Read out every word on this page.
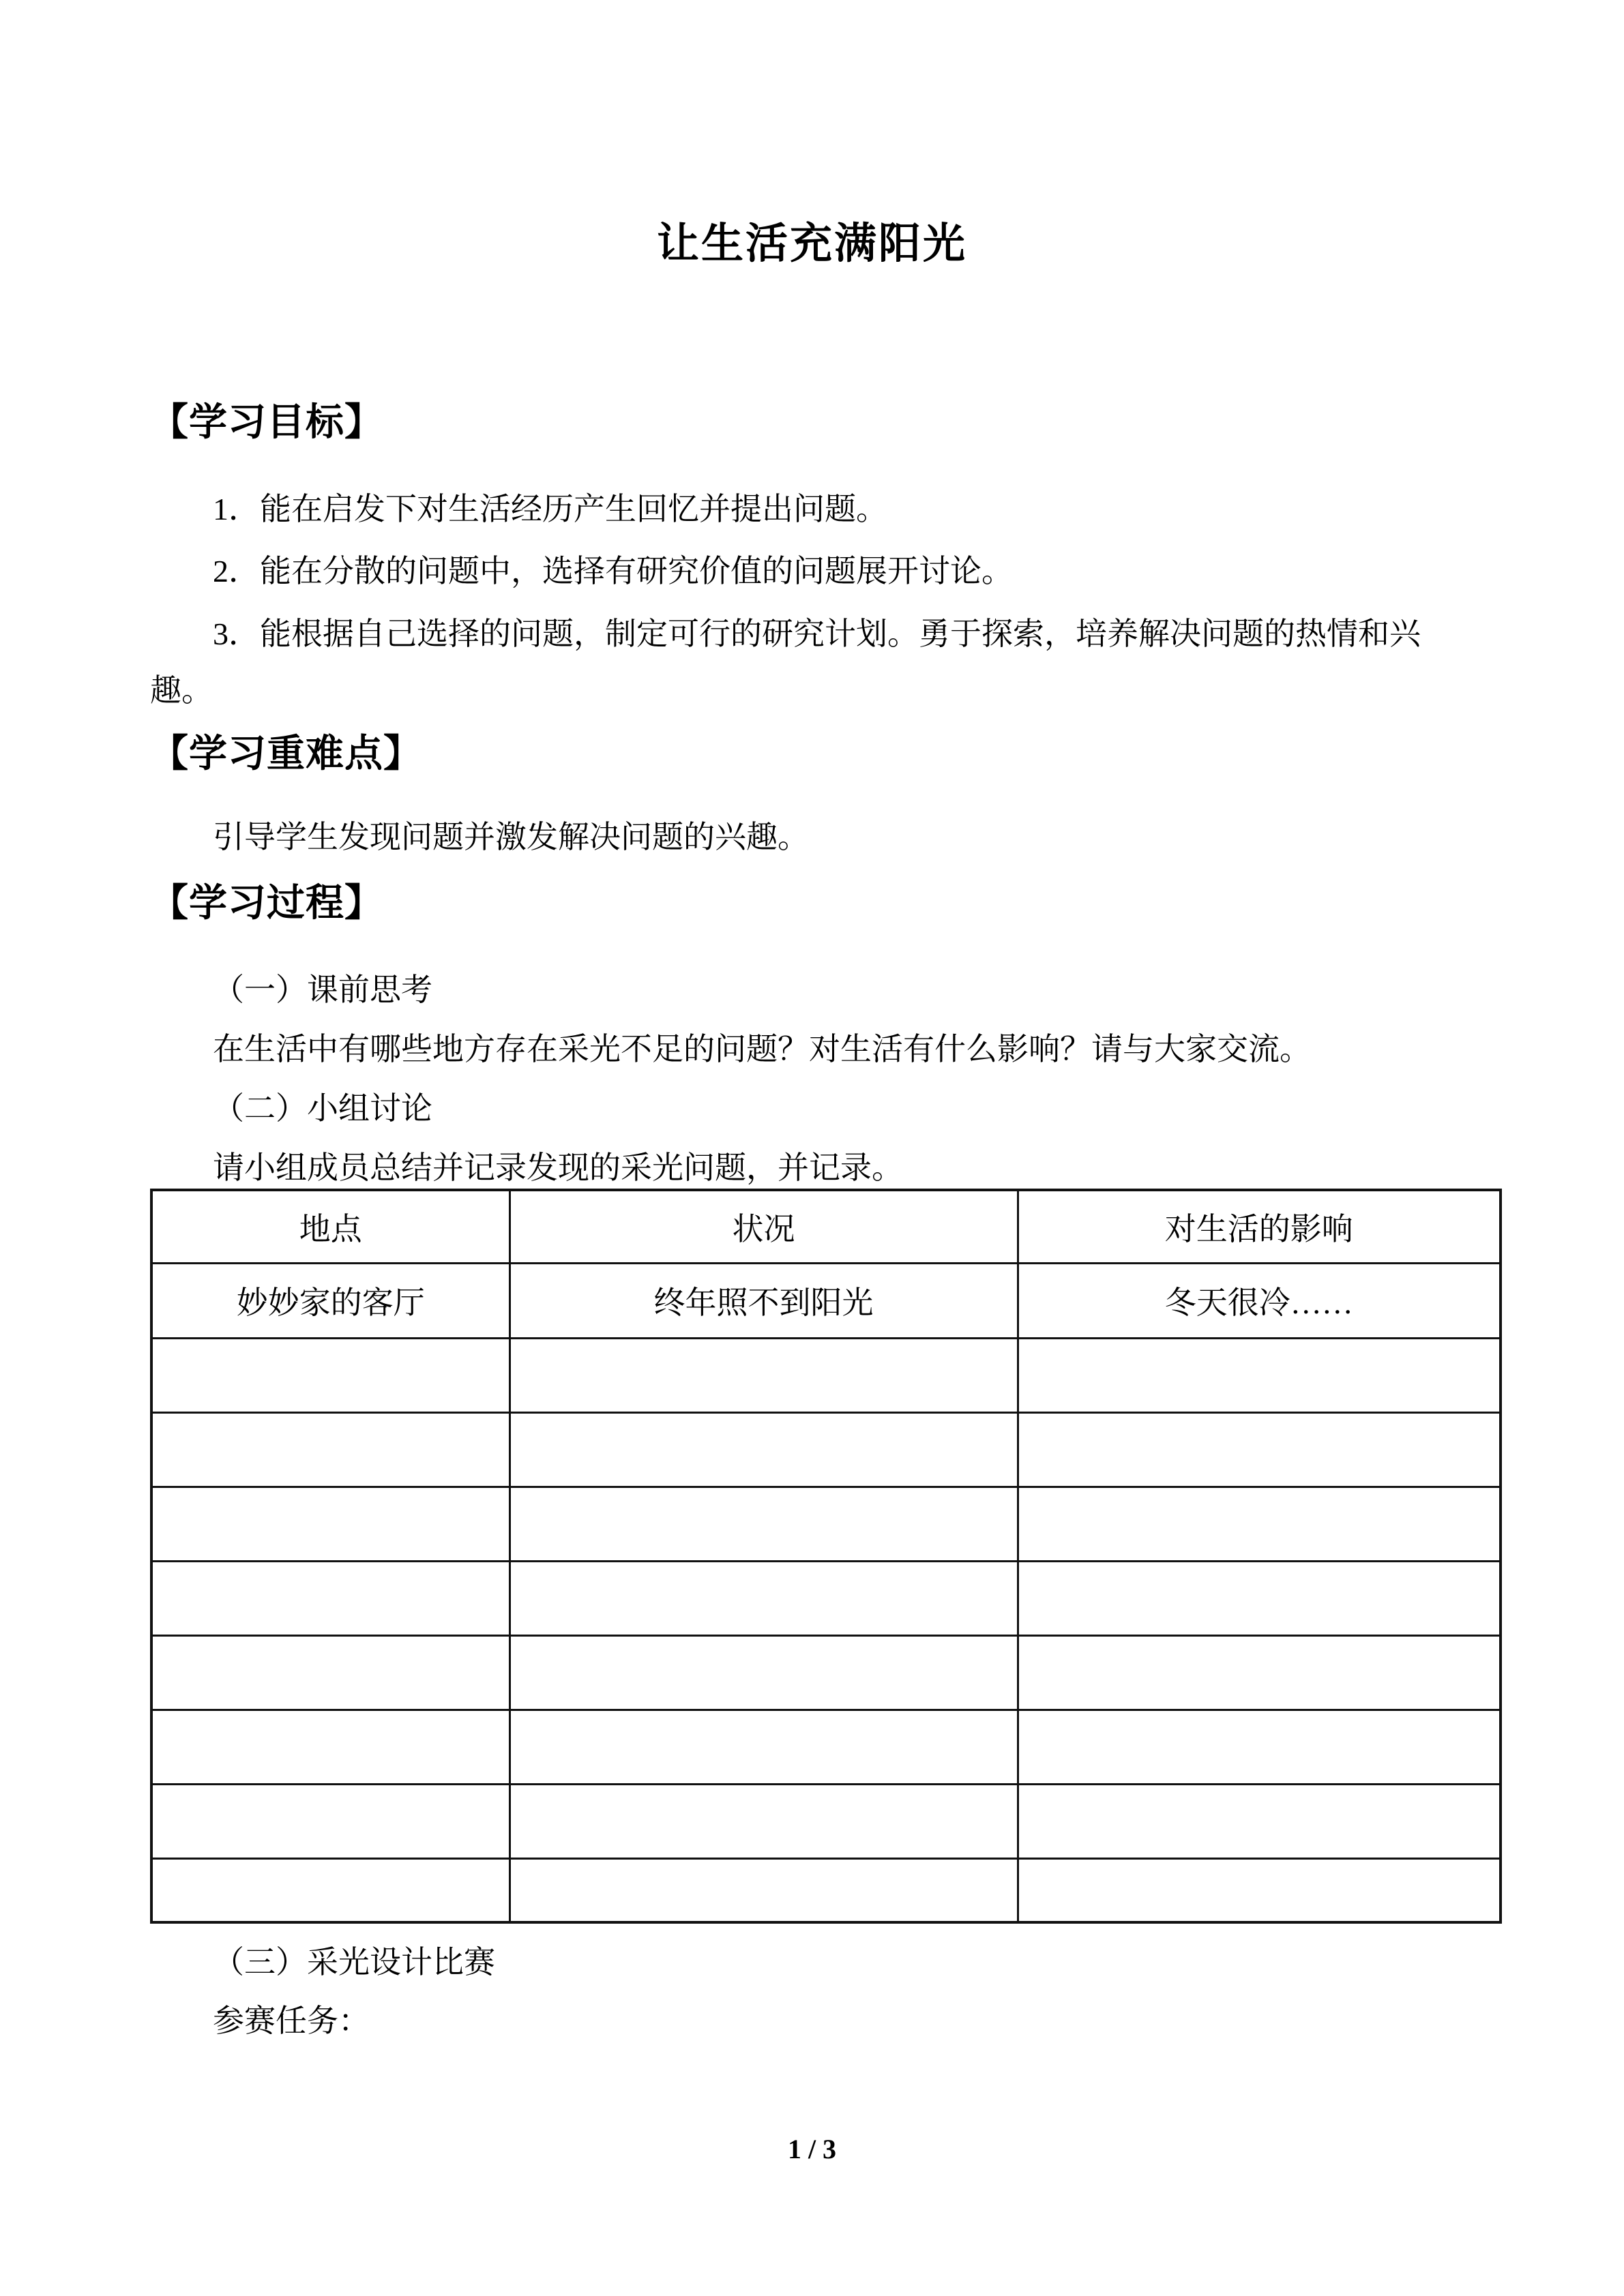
让生活充满阳光
【学习目标】
1．能在启发下对生活经历产生回忆并提出问题。
2．能在分散的问题中，选择有研究价值的问题展开讨论。
3．能根据自己选择的问题，制定可行的研究计划。勇于探索，培养解决问题的热情和兴
趣。
【学习重难点】
引导学生发现问题并激发解决问题的兴趣。
【学习过程】
（一）课前思考
在生活中有哪些地方存在采光不足的问题？对生活有什么影响？请与大家交流。
（二）小组讨论
请小组成员总结并记录发现的采光问题，并记录。
地点	状况	对生活的影响
妙妙家的客厅	终年照不到阳光	冬天很冷……

（三）采光设计比赛
参赛任务：
1 / 3
